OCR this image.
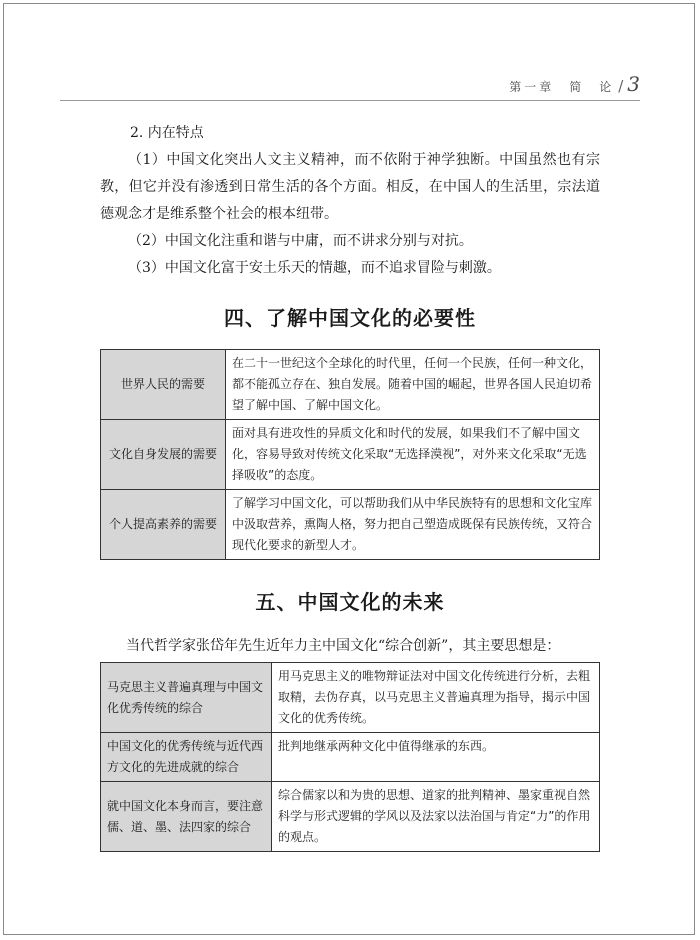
第一章　简　论 / 3

2. 内在特点

（1）中国文化突出人文主义精神，而不依附于神学独断。中国虽然也有宗教，但它并没有渗透到日常生活的各个方面。相反，在中国人的生活里，宗法道德观念才是维系整个社会的根本纽带。

（2）中国文化注重和谐与中庸，而不讲求分别与对抗。

（3）中国文化富于安土乐天的情趣，而不追求冒险与刺激。

四、了解中国文化的必要性
世界人民的需要	在二十一世纪这个全球化的时代里，任何一个民族，任何一种文化，都不能孤立存在、独自发展。随着中国的崛起，世界各国人民迫切希望了解中国、了解中国文化。
文化自身发展的需要	面对具有进攻性的异质文化和时代的发展，如果我们不了解中国文化，容易导致对传统文化采取“无选择漠视”，对外来文化采取“无选择吸收”的态度。
个人提高素养的需要	了解学习中国文化，可以帮助我们从中华民族特有的思想和文化宝库中汲取营养，熏陶人格，努力把自己塑造成既保有民族传统，又符合现代化要求的新型人才。
五、中国文化的未来

当代哲学家张岱年先生近年力主中国文化“综合创新”，其主要思想是：

马克思主义普遍真理与中国文化优秀传统的综合	用马克思主义的唯物辩证法对中国文化传统进行分析，去粗取精，去伪存真，以马克思主义普遍真理为指导，揭示中国文化的优秀传统。
中国文化的优秀传统与近代西方文化的先进成就的综合	批判地继承两种文化中值得继承的东西。
就中国文化本身而言，要注意儒、道、墨、法四家的综合	综合儒家以和为贵的思想、道家的批判精神、墨家重视自然科学与形式逻辑的学风以及法家以法治国与肯定“力”的作用的观点。
